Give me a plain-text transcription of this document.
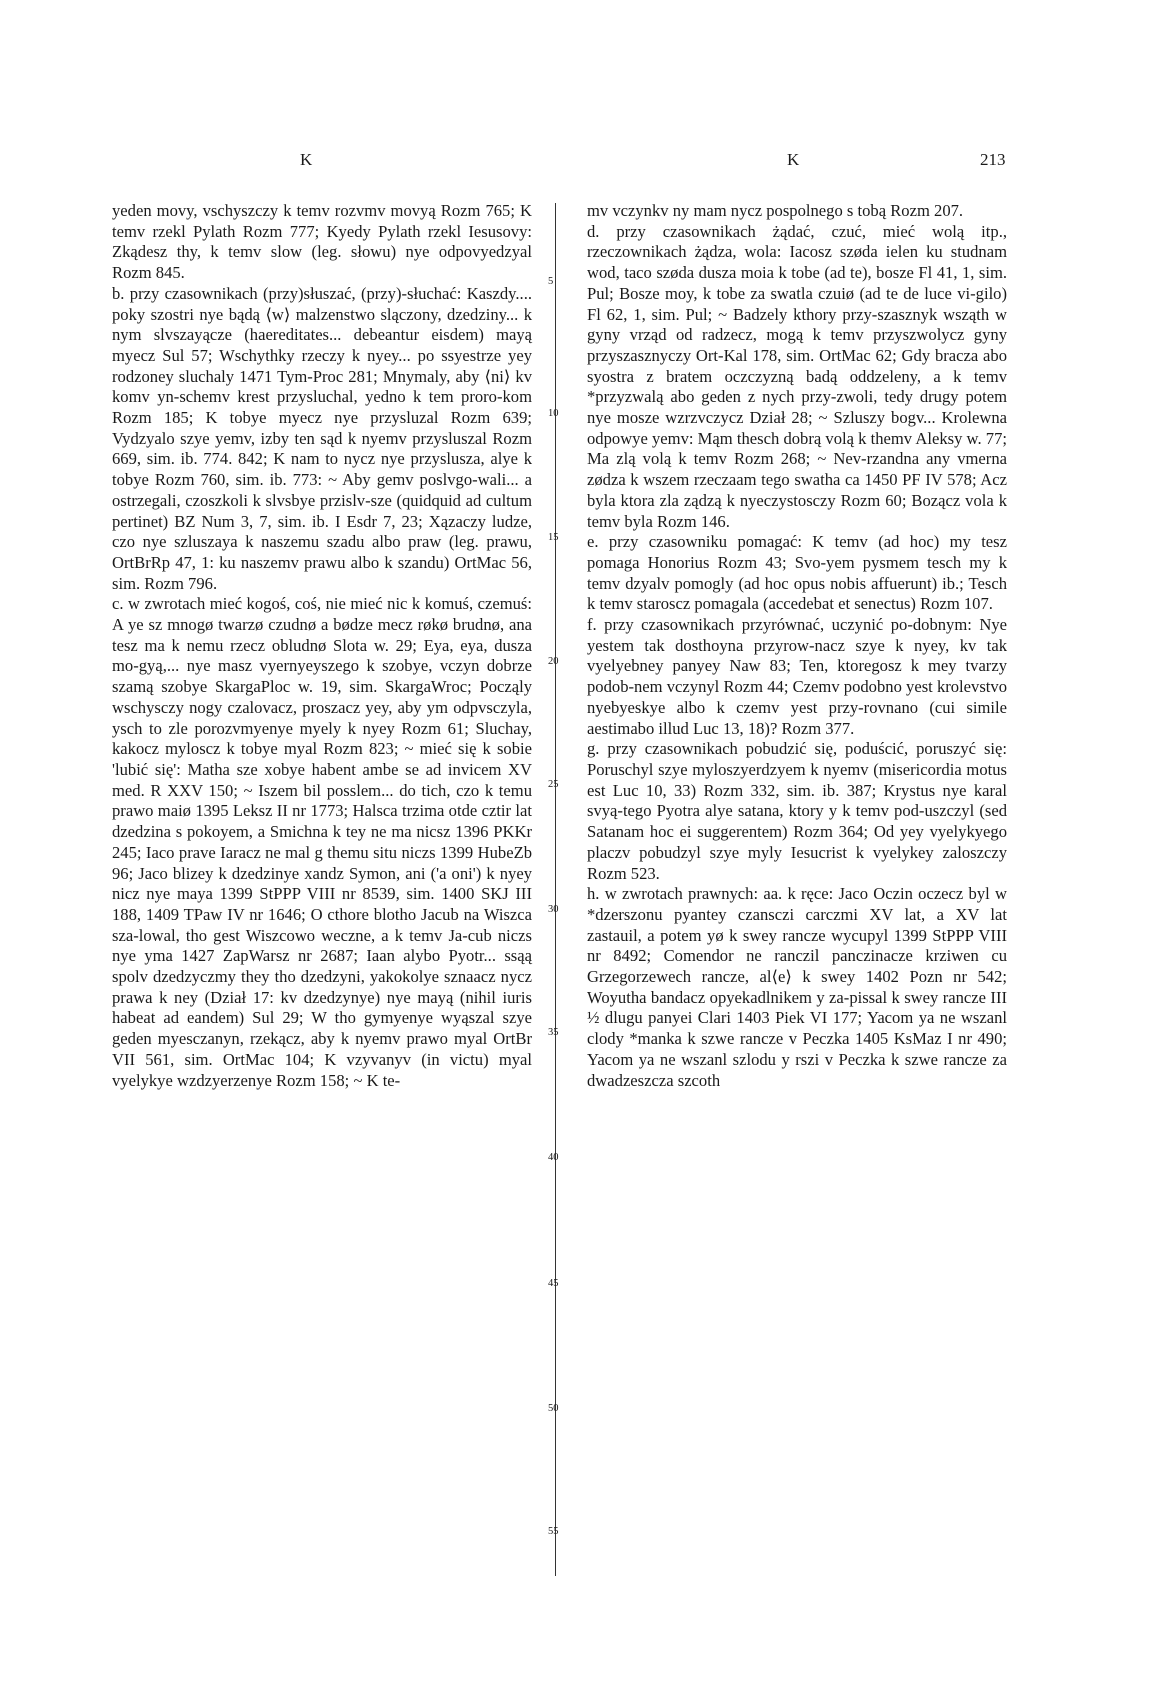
K	K	213

yeden movy, vschyszczy k temv rozvmv movyą Rozm 765; K temv rzekl Pylath Rozm 777; Kyedy Pylath rzekl Iesusovy: Zkądesz thy, k temv slow (leg. słowu) nye odpovyedzyal Rozm 845.

b. przy czasownikach (przy)słuszać, (przy)-słuchać: Kaszdy.... poky szostri nye bądą ⟨w⟩ malzenstwo slączony, dzedziny... k nym slvszayącze (haereditates... debeantur eisdem) mayą myecz Sul 57; Wschythky rzeczy k nyey... po ssyestrze yey rodzoney sluchaly 1471 Tym-Proc 281; Mnymaly, aby ⟨ni⟩ kv komv yn-schemv krest przysluchal, yedno k tem proro-kom Rozm 185; K tobye myecz nye przysluzal Rozm 639; Vydzyalo szye yemv, izby ten sąd k nyemv przysluszal Rozm 669, sim. ib. 774. 842; K nam to nycz nye przyslusza, alye k tobye Rozm 760, sim. ib. 773: ~ Aby gemv poslvgo-wali... a ostrzegali, czoszkoli k slvsbye przislv-sze (quidquid ad cultum pertinet) BZ Num 3, 7, sim. ib. I Esdr 7, 23; Xązaczy ludze, czo nye szluszaya k naszemu szadu albo praw (leg. prawu, OrtBrRp 47, 1: ku naszemv prawu albo k szandu) OrtMac 56, sim. Rozm 796.

c. w zwrotach mieć kogoś, coś, nie mieć nic k komuś, czemuś: A ye sz mnogø twarzø czudnø a bødze mecz røkø brudnø, ana tesz ma k nemu rzecz obludnø Slota w. 29; Eya, eya, dusza mo-gyą,... nye masz vyernyeyszego k szobye, vczyn dobrze szamą szobye SkargaPloc w. 19, sim. SkargaWroc; Począly wschysczy nogy czalovacz, proszacz yey, aby ym odpvsczyla, ysch to zle porozvmyenye myely k nyey Rozm 61; Sluchay, kakocz myloscz k tobye myal Rozm 823; ~ mieć się k sobie 'lubić się': Matha sze xobye habent ambe se ad invicem XV med. R XXV 150; ~ Iszem bil posslem... do tich, czo k temu prawo maiø 1395 Leksz II nr 1773; Halsca trzima otde cztir lat dzedzina s pokoyem, a Smichna k tey ne ma nicsz 1396 PKKr 245; Iaco prave Iaracz ne mal g themu situ niczs 1399 HubeZb 96; Jaco blizey k dzedzinye xandz Symon, ani ('a oni') k nyey nicz nye maya 1399 StPPP VIII nr 8539, sim. 1400 SKJ III 188, 1409 TPaw IV nr 1646; O cthore blotho Jacub na Wiszca sza-lowal, tho gest Wiszcowo weczne, a k temv Ja-cub niczs nye yma 1427 ZapWarsz nr 2687; Iaan alybo Pyotr... ssąą spolv dzedzyczmy they tho dzedzyni, yakokolye sznaacz nycz prawa k ney (Dział 17: kv dzedzynye) nye mayą (nihil iuris habeat ad eandem) Sul 29; W tho gymyenye wyąszal szye geden myesczanyn, rzekącz, aby k nyemv prawo myal OrtBr VII 561, sim. OrtMac 104; K vzyvanyv (in victu) myal vyelykye wzdzyerzenye Rozm 158; ~ K te-

5
10
15
20
25
30
35
40
45
50
55

mv vczynkv ny mam nycz pospolnego s tobą Rozm 207.

d. przy czasownikach żądać, czuć, mieć wolą itp., rzeczownikach żądza, wola: Iacosz szøda ielen ku studnam wod, taco szøda dusza moia k tobe (ad te), bosze Fl 41, 1, sim. Pul; Bosze moy, k tobe za swatla czuiø (ad te de luce vi-gilo) Fl 62, 1, sim. Pul; ~ Badzely kthory przy-szasznyk wsząth w gyny vrząd od radzecz, mogą k temv przyszwolycz gyny przyszasznyczy Ort-Kal 178, sim. OrtMac 62; Gdy bracza abo syostra z bratem oczczyzną badą oddzeleny, a k temv *przyzwalą abo geden z nych przy-zwoli, tedy drugy potem nye mosze wzrzvczycz Dział 28; ~ Szluszy bogv... Krolewna odpowye yemv: Mąm thesch dobrą volą k themv Aleksy w. 77; Ma zlą volą k temv Rozm 268; ~ Nev-rzandna any vmerna zødza k wszem rzeczaam tego swatha ca 1450 PF IV 578; Acz byla ktora zla ządzą k nyeczystosczy Rozm 60; Bozącz vola k temv byla Rozm 146.

e. przy czasowniku pomagać: K temv (ad hoc) my tesz pomaga Honorius Rozm 43; Svo-yem pysmem tesch my k temv dzyalv pomogly (ad hoc opus nobis affuerunt) ib.; Tesch k temv staroscz pomagala (accedebat et senectus) Rozm 107.

f. przy czasownikach przyrównać, uczynić po-dobnym: Nye yestem tak dosthoyna przyrow-nacz szye k nyey, kv tak vyelyebney panyey Naw 83; Ten, ktoregosz k mey tvarzy podob-nem vczynyl Rozm 44; Czemv podobno yest krolevstvo nyebyeskye albo k czemv yest przy-rovnano (cui simile aestimabo illud Luc 13, 18)? Rozm 377.

g. przy czasownikach pobudzić się, poduścić, poruszyć się: Poruschyl szye myloszyerdzyem k nyemv (misericordia motus est Luc 10, 33) Rozm 332, sim. ib. 387; Krystus nye karal svyą-tego Pyotra alye satana, ktory y k temv pod-uszczyl (sed Satanam hoc ei suggerentem) Rozm 364; Od yey vyelykyego placzv pobudzyl szye myly Iesucrist k vyelykey zaloszczy Rozm 523.

h. w zwrotach prawnych: aa. k ręce: Jaco Oczin oczecz byl w *dzerszonu pyantey czansczi carczmi XV lat, a XV lat zastauil, a potem yø k swey rancze wycupyl 1399 StPPP VIII nr 8492; Comendor ne ranczil panczinacze krziwen cu Grzegorzewech rancze, al⟨e⟩ k swey 1402 Pozn nr 542; Woyutha bandacz opyekadlnikem y za-pissal k swey rancze III ½ dlugu panyei Clari 1403 Piek VI 177; Yacom ya ne wszanl clody *manka k szwe rancze v Peczka 1405 KsMaz I nr 490; Yacom ya ne wszanl szlodu y rszi v Peczka k szwe rancze za dwadzeszcza szcoth
